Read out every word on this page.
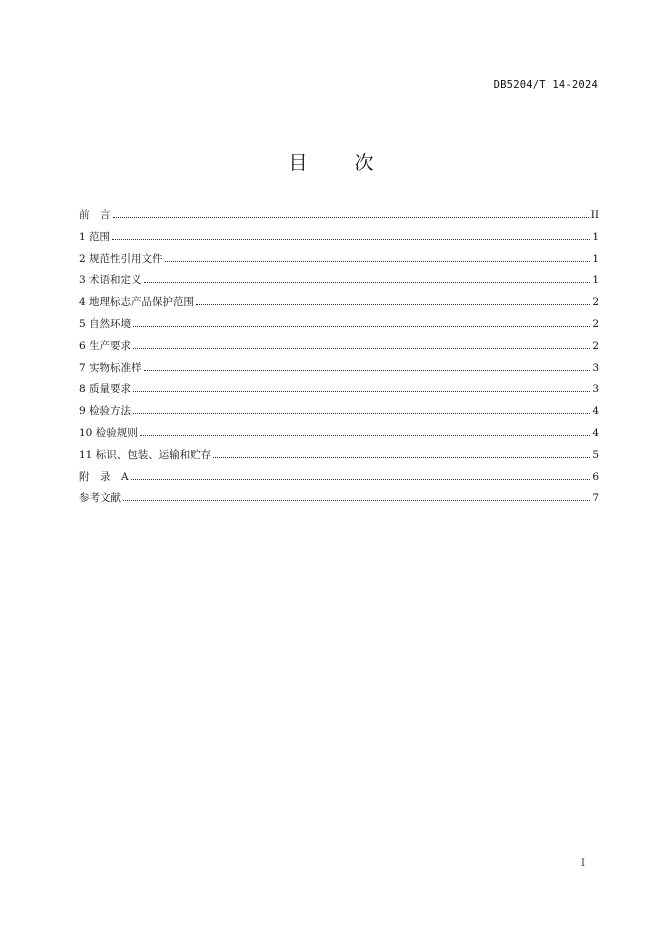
DB5204/T 14-2024
目　次
前　言	II
1 范围	1
2 规范性引用文件	1
3 术语和定义	1
4 地理标志产品保护范围	2
5 自然环境	2
6 生产要求	2
7 实物标准样	3
8 质量要求	3
9 检验方法	4
10 检验规则	4
11 标识、包装、运输和贮存	5
附　录　A	6
参考文献	7
I
